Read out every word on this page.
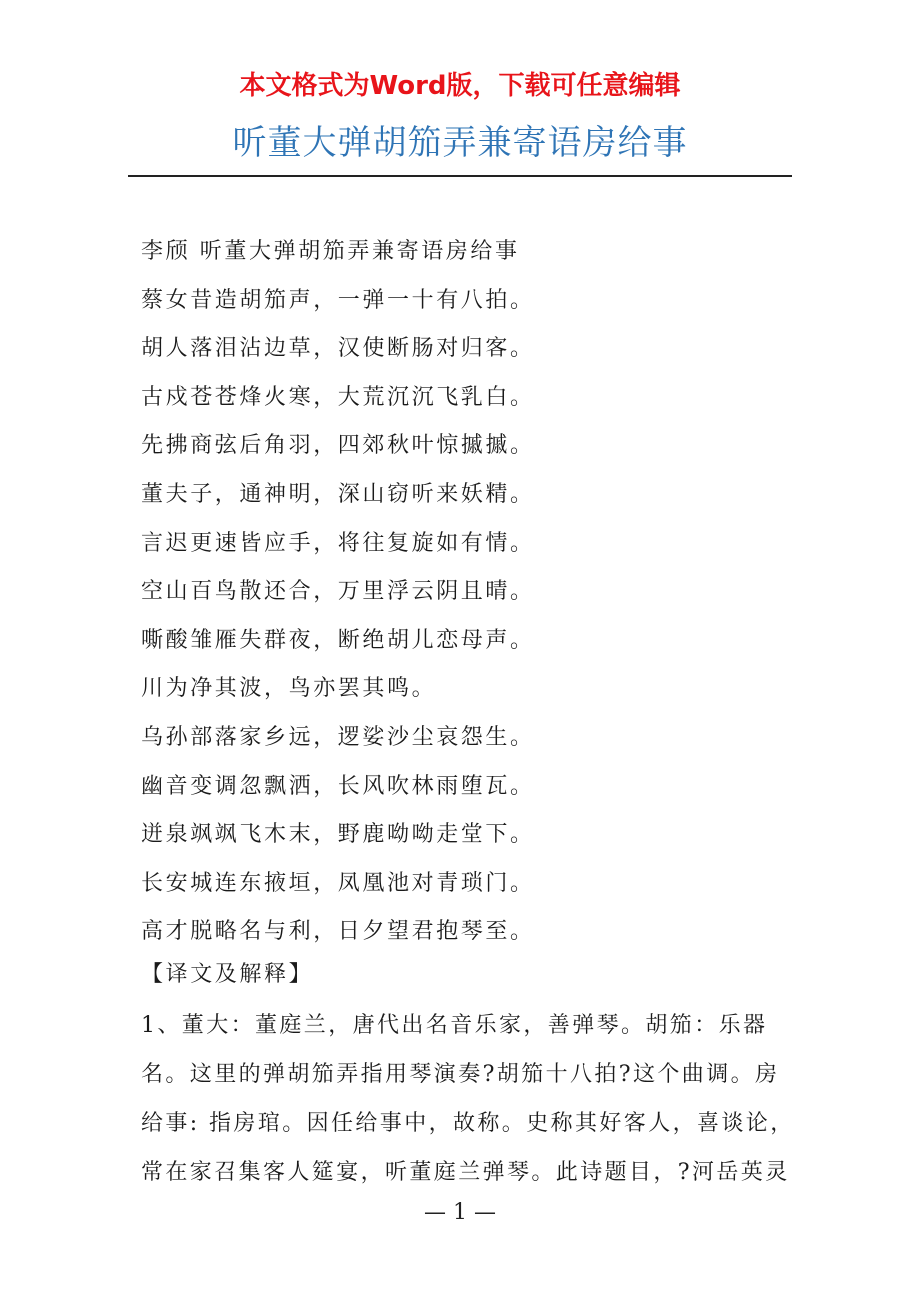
本文格式为Word版，下载可任意编辑
听董大弹胡笳弄兼寄语房给事
李颀 听董大弹胡笳弄兼寄语房给事
蔡女昔造胡笳声，一弹一十有八拍。
胡人落泪沾边草，汉使断肠对归客。
古戍苍苍烽火寒，大荒沉沉飞乳白。
先拂商弦后角羽，四郊秋叶惊摵摵。
董夫子，通神明，深山窃听来妖精。
言迟更速皆应手，将往复旋如有情。
空山百鸟散还合，万里浮云阴且晴。
嘶酸雏雁失群夜，断绝胡儿恋母声。
川为净其波，鸟亦罢其鸣。
乌孙部落家乡远，逻娑沙尘哀怨生。
幽音变调忽飘洒，长风吹林雨堕瓦。
迸泉飒飒飞木末，野鹿呦呦走堂下。
长安城连东掖垣，凤凰池对青琐门。
高才脱略名与利，日夕望君抱琴至。
【译文及解释】
1、董大：董庭兰，唐代出名音乐家，善弹琴。胡笳：乐器
名。这里的弹胡笳弄指用琴演奏?胡笳十八拍?这个曲调。房
给事: 指房琯。因任给事中，故称。史称其好客人，喜谈论，
常在家召集客人筵宴，听董庭兰弹琴。此诗题目，?河岳英灵
— 1 —
